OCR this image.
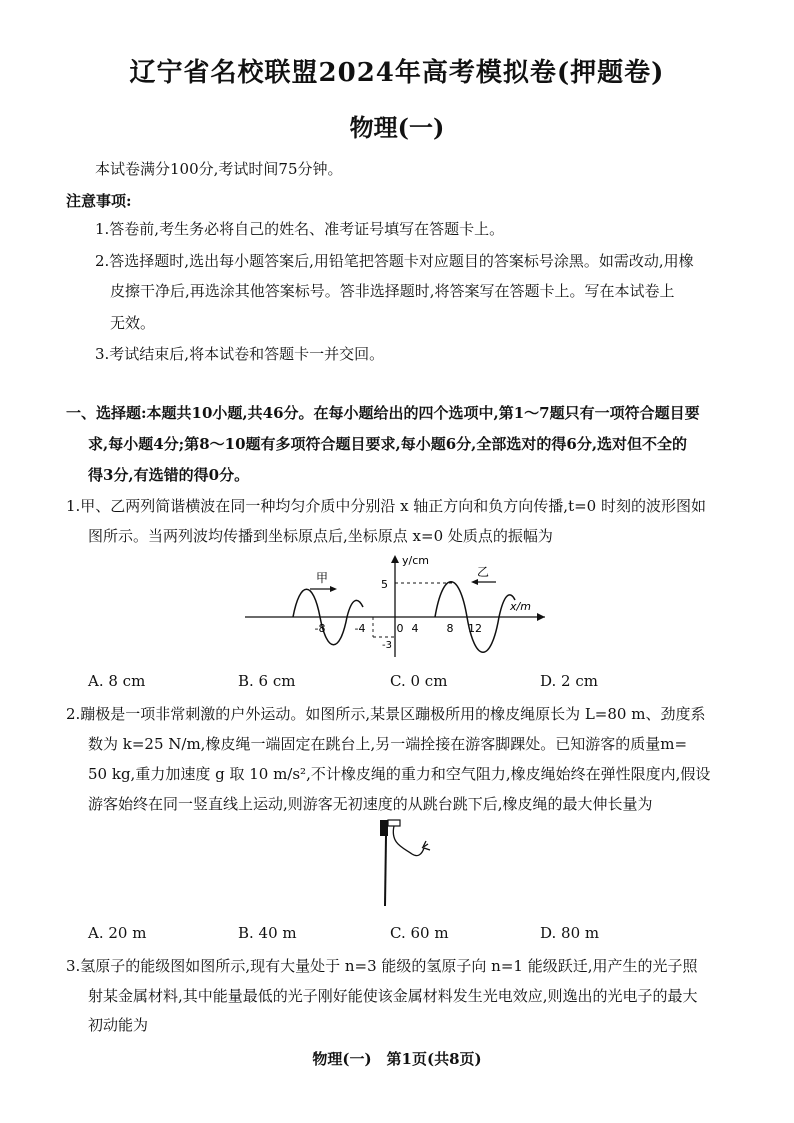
辽宁省名校联盟2024年高考模拟卷(押题卷)
物理(一)
本试卷满分100分,考试时间75分钟。
注意事项:
1.答卷前,考生务必将自己的姓名、准考证号填写在答题卡上。
2.答选择题时,选出每小题答案后,用铅笔把答题卡对应题目的答案标号涂黑。如需改动,用橡
皮擦干净后,再选涂其他答案标号。答非选择题时,将答案写在答题卡上。写在本试卷上
无效。
3.考试结束后,将本试卷和答题卡一并交回。
一、选择题:本题共10小题,共46分。在每小题给出的四个选项中,第1～7题只有一项符合题目要
求,每小题4分;第8～10题有多项符合题目要求,每小题6分,全部选对的得6分,选对但不全的
得3分,有选错的得0分。
1.甲、乙两列简谐横波在同一种均匀介质中分别沿 x 轴正方向和负方向传播,t=0 时刻的波形图如
图所示。当两列波均传播到坐标原点后,坐标原点 x=0 处质点的振幅为
y/cm
x/m
5
-3
-8	-4	0 4	8 12
甲	乙
A. 8 cm	B. 6 cm	C. 0 cm	D. 2 cm
2.蹦极是一项非常刺激的户外运动。如图所示,某景区蹦极所用的橡皮绳原长为 L=80 m、劲度系
数为 k=25 N/m,橡皮绳一端固定在跳台上,另一端拴接在游客脚踝处。已知游客的质量m=
50 kg,重力加速度 g 取 10 m/s²,不计橡皮绳的重力和空气阻力,橡皮绳始终在弹性限度内,假设
游客始终在同一竖直线上运动,则游客无初速度的从跳台跳下后,橡皮绳的最大伸长量为
A. 20 m	B. 40 m	C. 60 m	D. 80 m
3.氢原子的能级图如图所示,现有大量处于 n=3 能级的氢原子向 n=1 能级跃迁,用产生的光子照
射某金属材料,其中能量最低的光子刚好能使该金属材料发生光电效应,则逸出的光电子的最大
初动能为
物理(一)　第1页(共8页)
